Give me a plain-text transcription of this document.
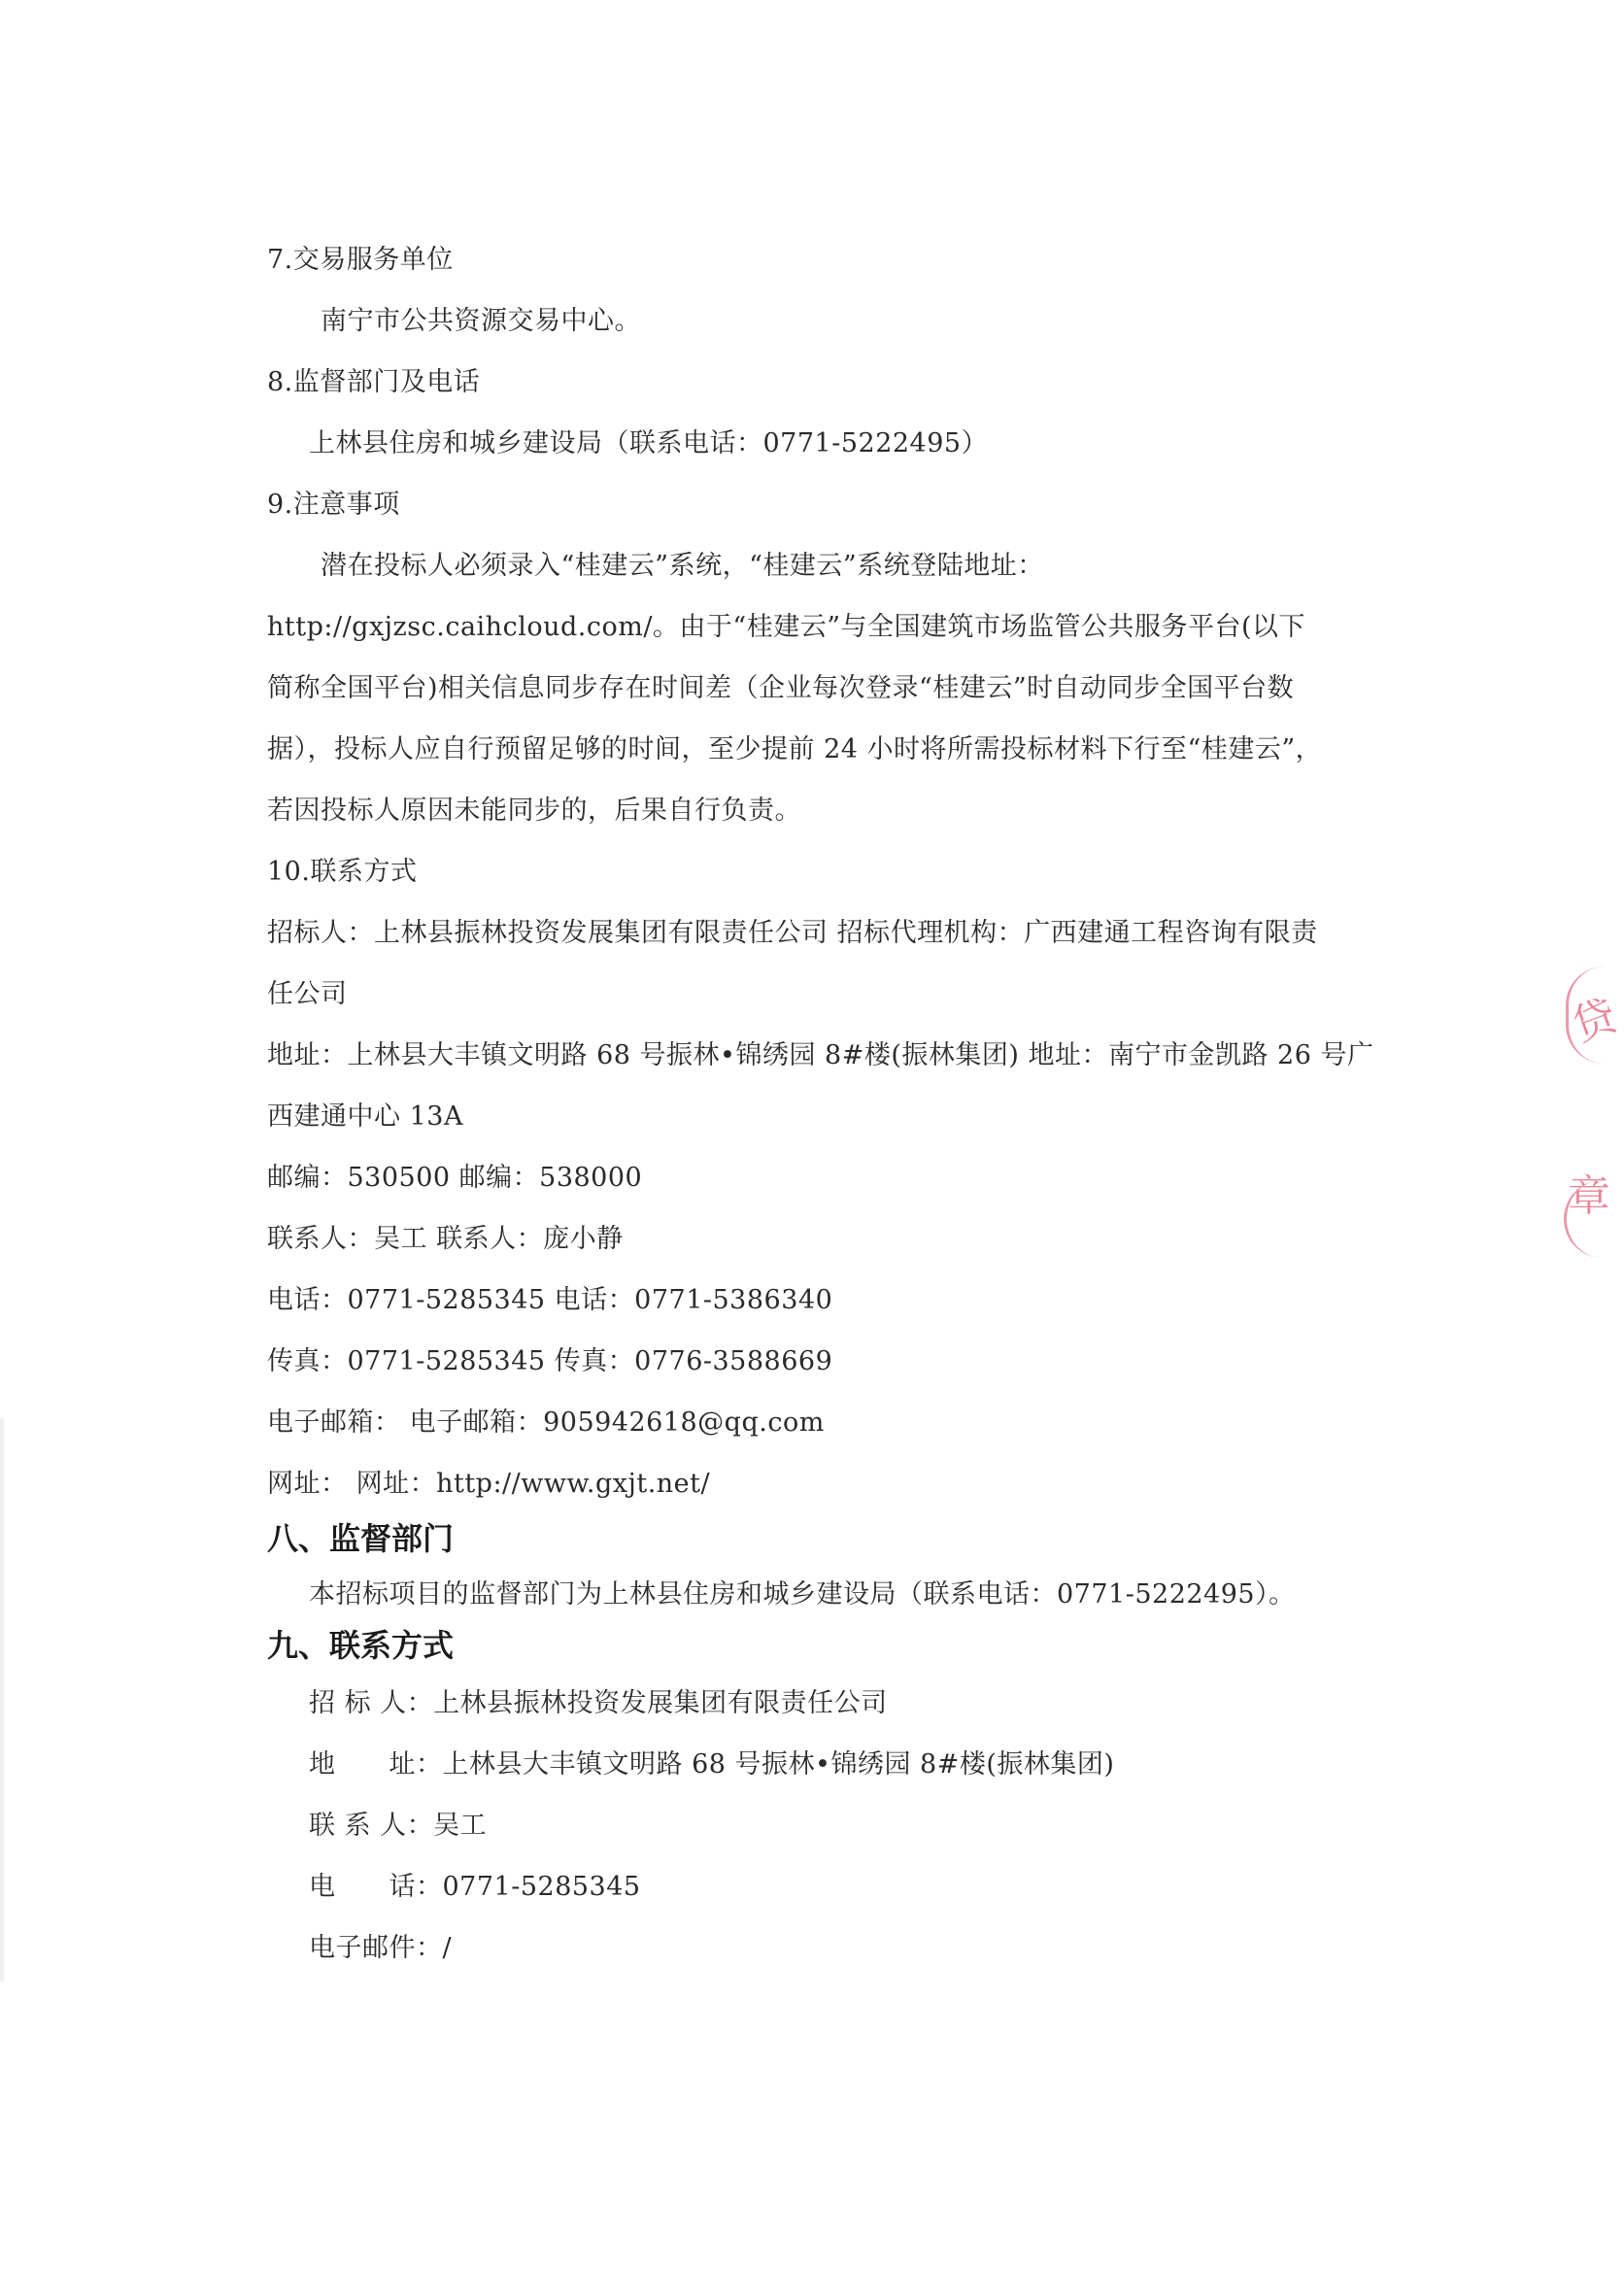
7.交易服务单位
南宁市公共资源交易中心。
8.监督部门及电话
上林县住房和城乡建设局（联系电话：0771-5222495）
9.注意事项
潜在投标人必须录入“桂建云”系统，“桂建云”系统登陆地址：
http://gxjzsc.caihcloud.com/。由于“桂建云”与全国建筑市场监管公共服务平台(以下
简称全国平台)相关信息同步存在时间差（企业每次登录“桂建云”时自动同步全国平台数
据），投标人应自行预留足够的时间，至少提前 24 小时将所需投标材料下行至“桂建云”，
若因投标人原因未能同步的，后果自行负责。
10.联系方式
招标人：上林县振林投资发展集团有限责任公司 招标代理机构：广西建通工程咨询有限责
任公司
地址：上林县大丰镇文明路 68 号振林•锦绣园 8#楼(振林集团) 地址：南宁市金凯路 26 号广
西建通中心 13A
邮编：530500 邮编：538000
联系人：吴工 联系人：庞小静
电话：0771-5285345 电话：0771-5386340
传真：0771-5285345 传真：0776-3588669
电子邮箱： 电子邮箱：905942618@qq.com
网址： 网址：http://www.gxjt.net/
八、监督部门
本招标项目的监督部门为上林县住房和城乡建设局（联系电话：0771-5222495）。
九、联系方式
招 标 人：上林县振林投资发展集团有限责任公司
地　　址：上林县大丰镇文明路 68 号振林•锦绣园 8#楼(振林集团)
联 系 人：吴工
电　　话：0771-5285345
电子邮件：/
贷
章
